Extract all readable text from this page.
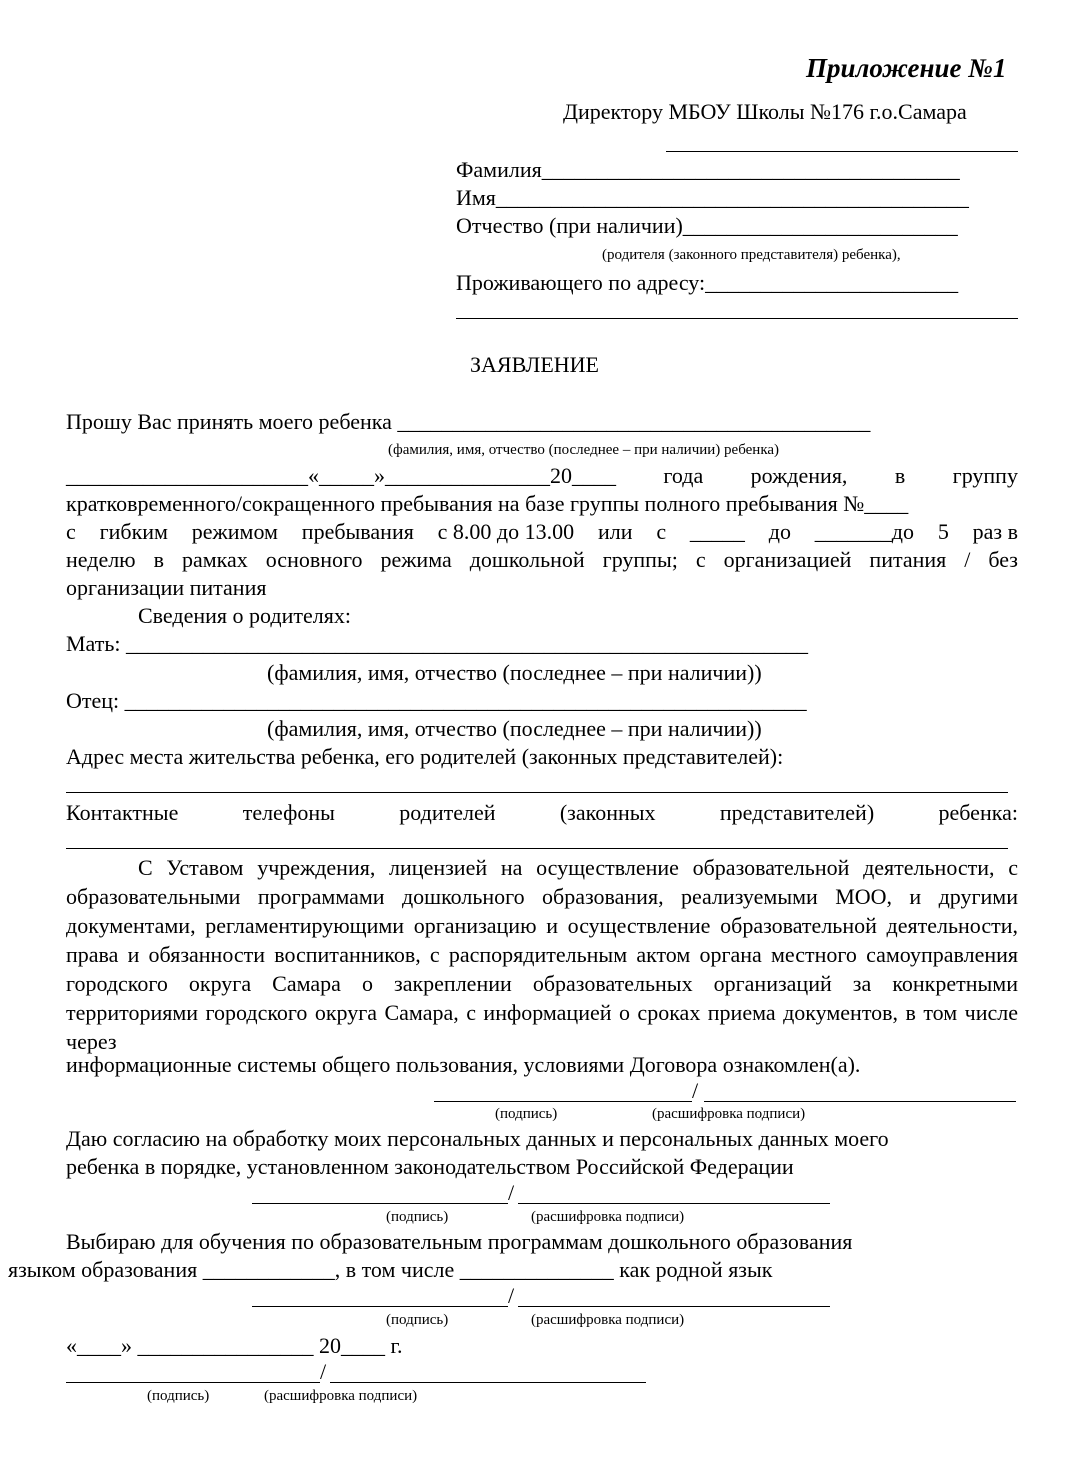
Приложение №1
Директору МБОУ Школы №176 г.о.Самара
Фамилия______________________________________
Имя___________________________________________
Отчество (при наличии)_________________________
(родителя (законного представителя) ребенка),
Проживающего по адресу:_______________________
ЗАЯВЛЕНИЕ
Прошу Вас принять моего ребенка ___________________________________________
(фамилия, имя, отчество (последнее – при наличии) ребенка)
______________________«_____»_______________20____ года рождения, в группу
кратковременного/сокращенного пребывания на базе группы полного пребывания №____
с гибким режимом пребывания с 8.00 до 13.00 или с _____ до _______до 5 раз в
неделю в рамках основного режима дошкольной группы; с организацией питания / без
организации питания
Сведения о родителях:
Мать: ______________________________________________________________
(фамилия, имя, отчество (последнее – при наличии))
Отец: ______________________________________________________________
(фамилия, имя, отчество (последнее – при наличии))
Адрес места жительства ребенка, его родителей (законных представителей):
Контактные	телефоны	родителей	(законных	представителей)	ребенка:
С Уставом учреждения, лицензией на осуществление образовательной деятельности, с образовательными программами дошкольного образования, реализуемыми МОО, и другими документами, регламентирующими организацию и осуществление образовательной деятельности, права и обязанности воспитанников, с распорядительным актом органа местного самоуправления городского округа Самара о закреплении образовательных организаций за конкретными территориями городского округа Самара, с информацией о сроках приема документов, в том числе через
информационные системы общего пользования, условиями Договора ознакомлен(а).
/
(подпись)	(расшифровка подписи)
Даю согласию на обработку моих персональных данных и персональных данных моего
ребенка в порядке, установленном законодательством Российской Федерации
/
(подпись)	(расшифровка подписи)
Выбираю для обучения по образовательным программам дошкольного образования
языком образования ____________, в том числе ______________ как родной язык
/
(подпись)	(расшифровка подписи)
«____» ________________ 20____ г.
/
(подпись)	(расшифровка подписи)
